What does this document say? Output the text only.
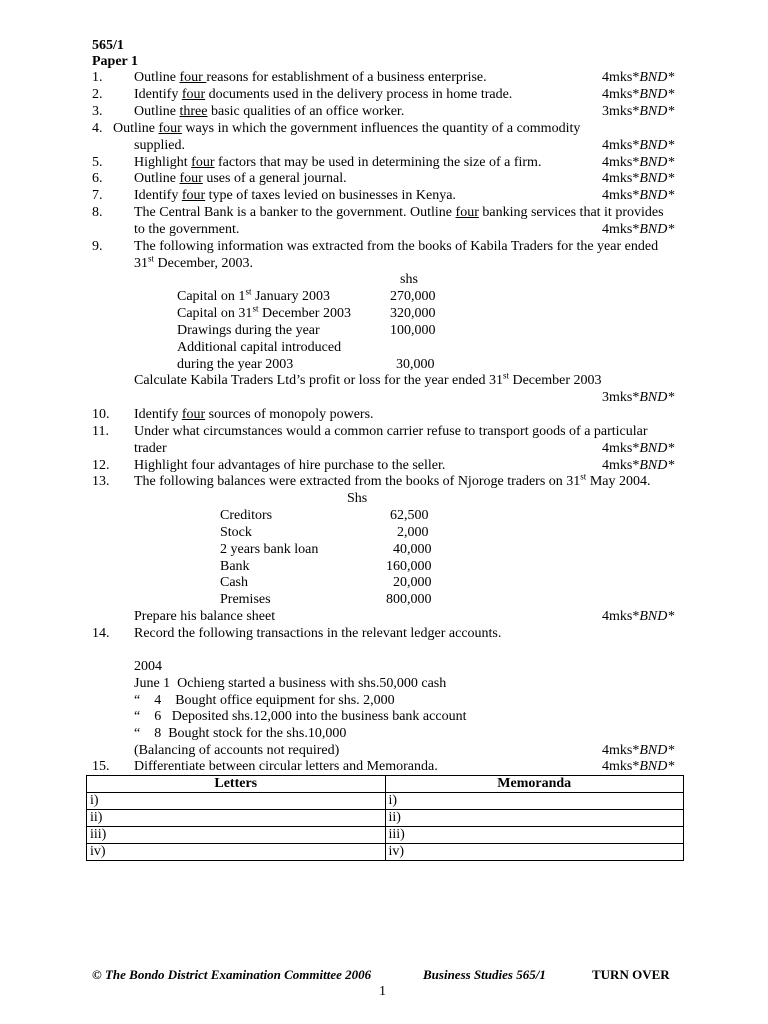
565/1
Paper 1
1. Outline four reasons for establishment of a business enterprise.	4mks*BND*
2. Identify four documents used in the delivery process in home trade.	4mks*BND*
3. Outline three basic qualities of an office worker.	3mks*BND*
4. Outline four ways in which the government influences the quantity of a commodity
supplied.	4mks*BND*
5. Highlight four factors that may be used in determining the size of a firm.	4mks*BND*
6. Outline four uses of a general journal.	4mks*BND*
7. Identify four type of taxes levied on businesses in Kenya.	4mks*BND*
8. The Central Bank is a banker to the government. Outline four banking services that it provides
to the government.	4mks*BND*
9. The following information was extracted from the books of Kabila Traders for the year ended
31st December, 2003.
shs
Capital on 1st January 2003	270,000
Capital on 31st December 2003	320,000
Drawings during the year	100,000
Additional capital introduced
during the year 2003	30,000
Calculate Kabila Traders Ltd’s profit or loss for the year ended 31st December 2003
3mks*BND*
10. Identify four sources of monopoly powers.
11. Under what circumstances would a common carrier refuse to transport goods of a particular
trader	4mks*BND*
12. Highlight four advantages of hire purchase to the seller.	4mks*BND*
13. The following balances were extracted from the books of Njoroge traders on 31st May 2004.
Shs
Creditors	62,500
Stock	2,000
2 years bank loan	40,000
Bank	160,000
Cash	20,000
Premises	800,000
Prepare his balance sheet	4mks*BND*
14. Record the following transactions in the relevant ledger accounts.
2004
June 1  Ochieng started a business with shs.50,000 cash
“    4    Bought office equipment for shs. 2,000
“    6   Deposited shs.12,000 into the business bank account
“    8  Bought stock for the shs.10,000
(Balancing of accounts not required)	4mks*BND*
15. Differentiate between circular letters and Memoranda.	4mks*BND*
Letters	Memoranda
i)	i)
ii)	ii)
iii)	iii)
iv)	iv)
© The Bondo District Examination Committee 2006	Business Studies 565/1	TURN OVER
1
